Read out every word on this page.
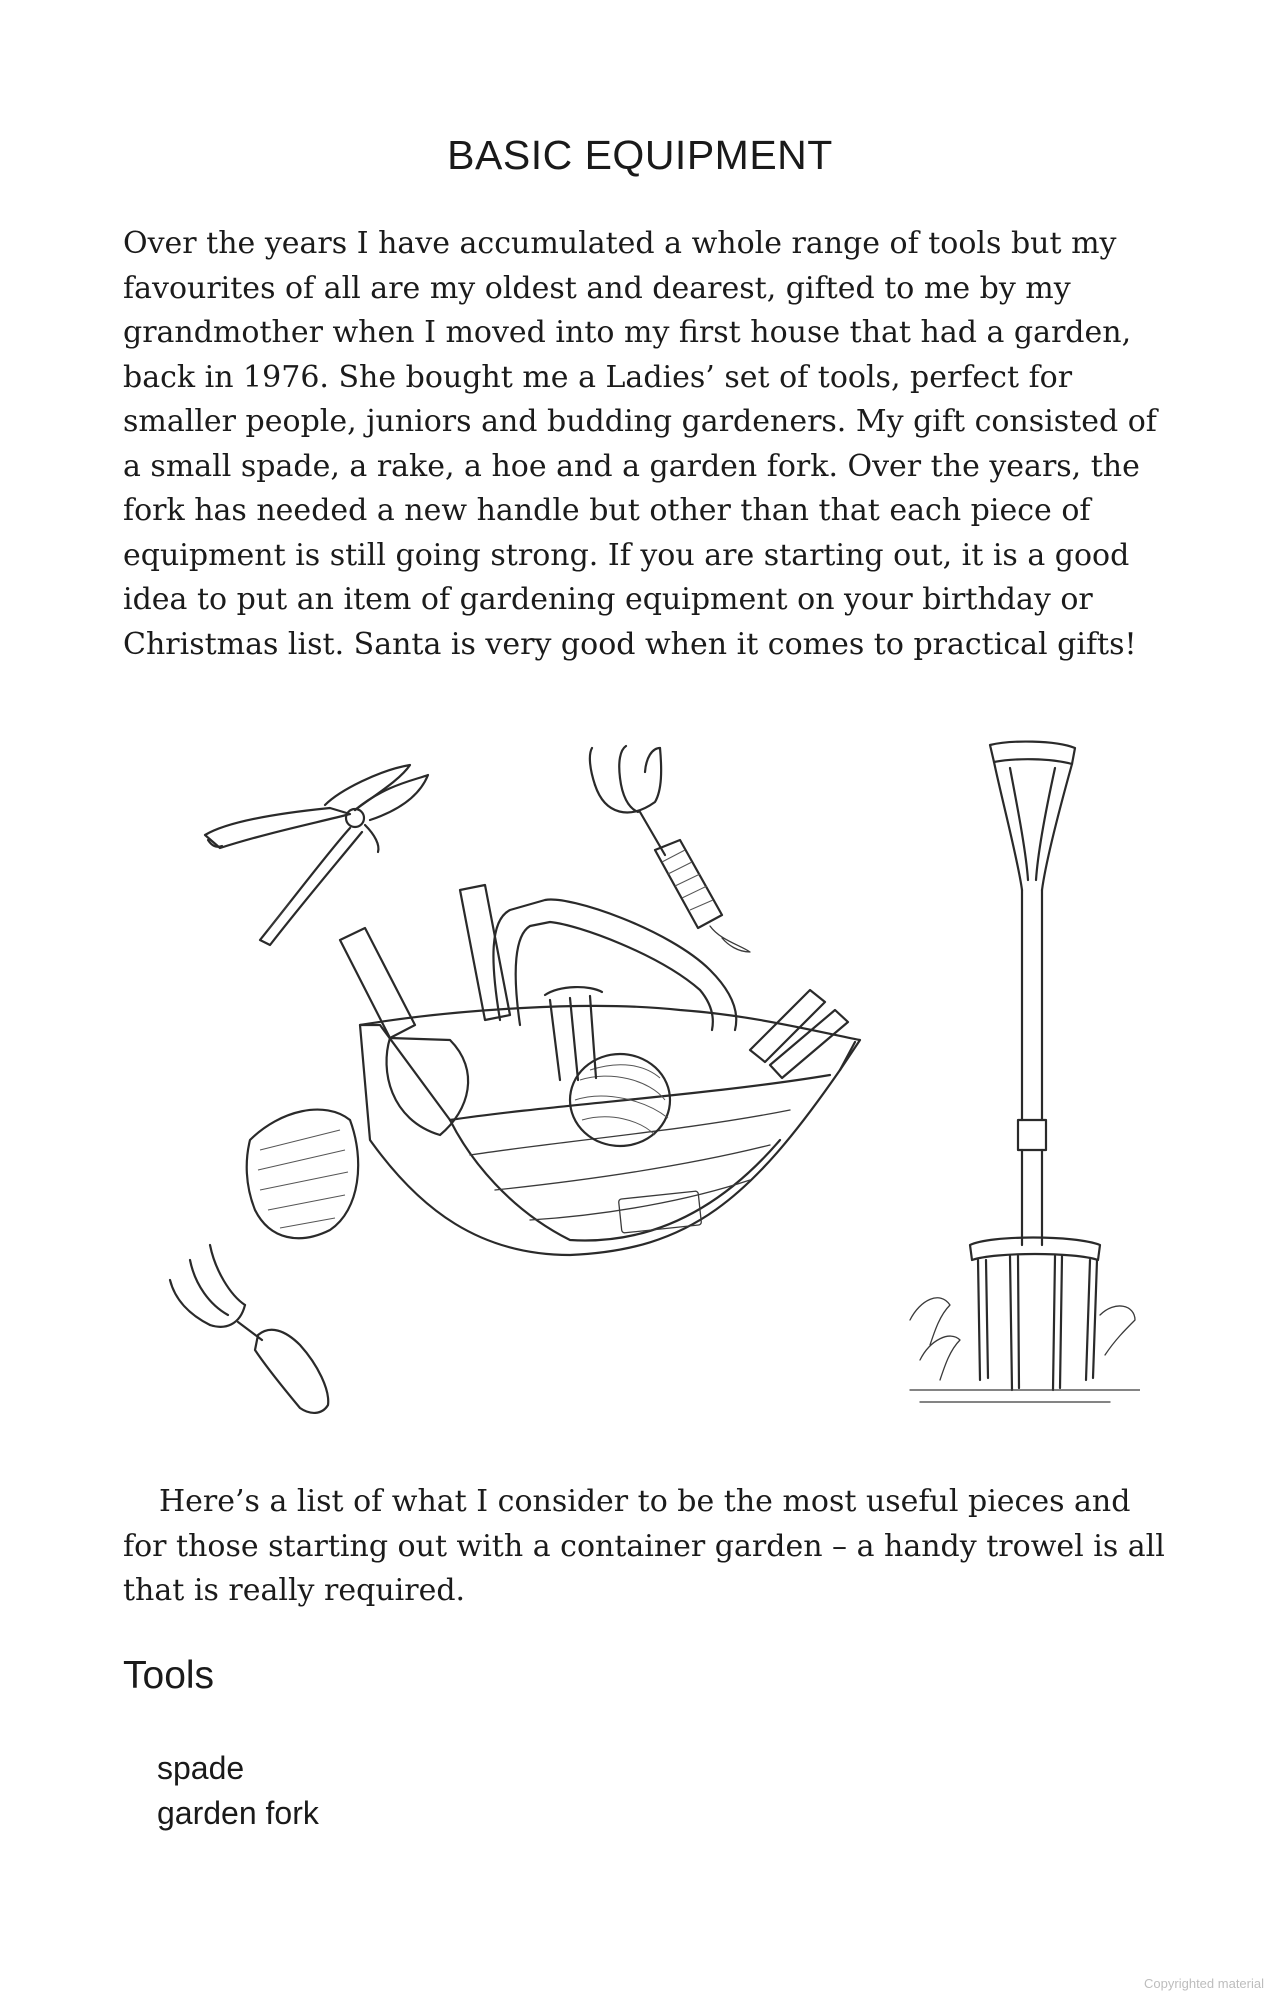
BASIC EQUIPMENT

Over the years I have accumulated a whole range of tools but my favourites of all are my oldest and dearest, gifted to me by my grandmother when I moved into my first house that had a garden, back in 1976. She bought me a Ladies’ set of tools, perfect for smaller people, juniors and budding gardeners. My gift consisted of a small spade, a rake, a hoe and a garden fork. Over the years, the fork has needed a new handle but other than that each piece of equipment is still going strong. If you are starting out, it is a good idea to put an item of gardening equipment on your birthday or Christmas list. Santa is very good when it comes to practical gifts!

Here’s a list of what I consider to be the most useful pieces and for those starting out with a container garden – a handy trowel is all that is really required.

Tools
spade
garden fork
Copyrighted material
